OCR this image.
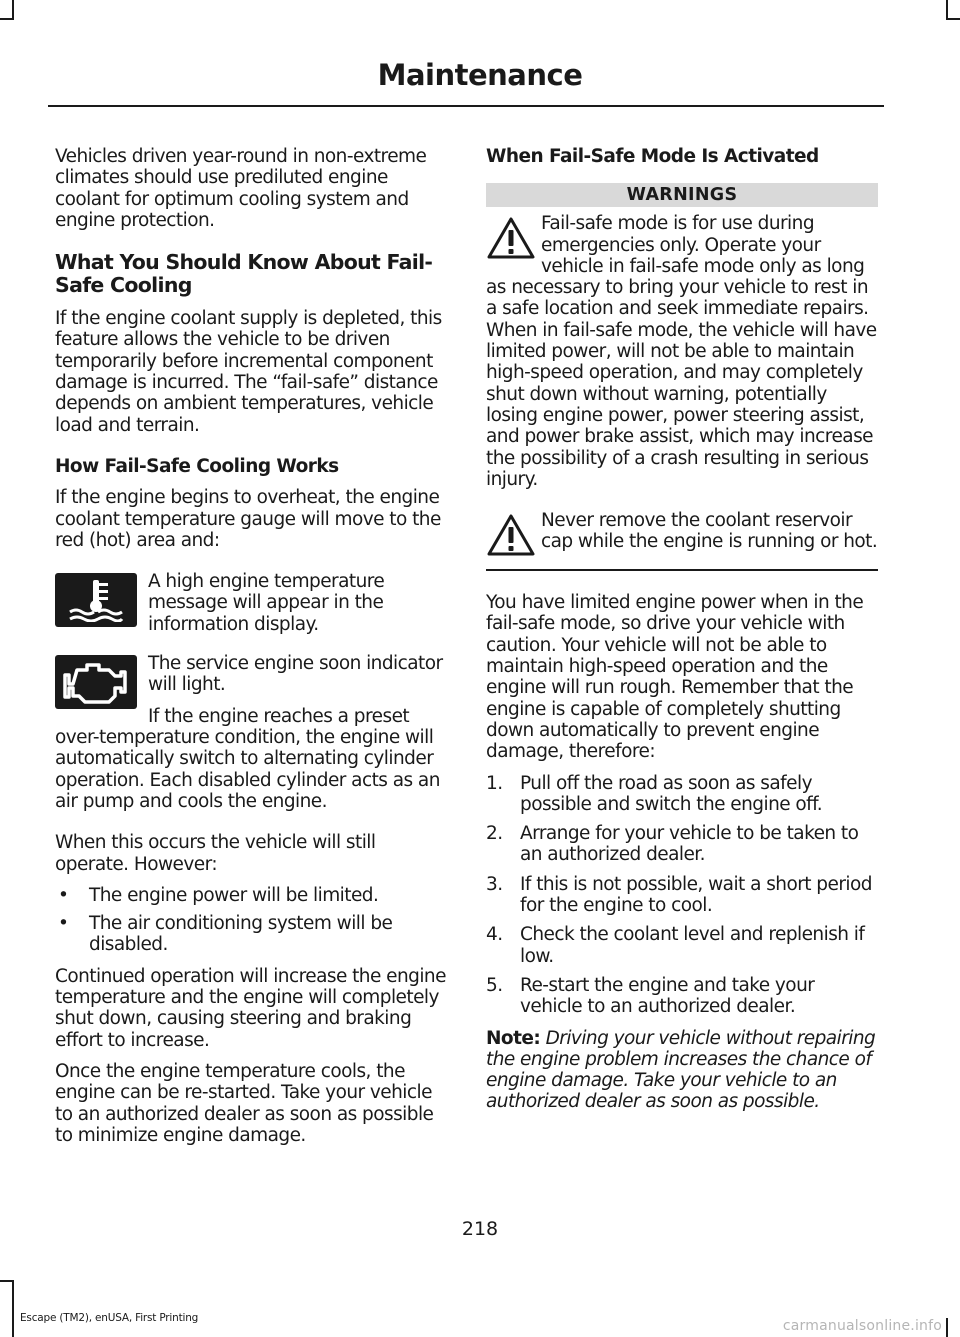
Maintenance

Vehicles driven year-round in non-extreme climates should use prediluted engine coolant for optimum cooling system and engine protection.

What You Should Know About Fail-Safe Cooling

If the engine coolant supply is depleted, this feature allows the vehicle to be driven temporarily before incremental component damage is incurred. The “fail-safe” distance depends on ambient temperatures, vehicle load and terrain.

How Fail-Safe Cooling Works

If the engine begins to overheat, the engine coolant temperature gauge will move to the red (hot) area and:

A high engine temperature message will appear in the information display.

The service engine soon indicator will light.

If the engine reaches a preset over-temperature condition, the engine will automatically switch to alternating cylinder operation. Each disabled cylinder acts as an air pump and cools the engine.

When this occurs the vehicle will still operate. However:

• The engine power will be limited.
• The air conditioning system will be disabled.

Continued operation will increase the engine temperature and the engine will completely shut down, causing steering and braking effort to increase.

Once the engine temperature cools, the engine can be re-started. Take your vehicle to an authorized dealer as soon as possible to minimize engine damage.

When Fail-Safe Mode Is Activated
WARNINGS

Fail-safe mode is for use during emergencies only. Operate your vehicle in fail-safe mode only as long as necessary to bring your vehicle to rest in a safe location and seek immediate repairs. When in fail-safe mode, the vehicle will have limited power, will not be able to maintain high-speed operation, and may completely shut down without warning, potentially losing engine power, power steering assist, and power brake assist, which may increase the possibility of a crash resulting in serious injury.

Never remove the coolant reservoir cap while the engine is running or hot.

You have limited engine power when in the fail-safe mode, so drive your vehicle with caution. Your vehicle will not be able to maintain high-speed operation and the engine will run rough. Remember that the engine is capable of completely shutting down automatically to prevent engine damage, therefore:

1. Pull off the road as soon as safely possible and switch the engine off.
2. Arrange for your vehicle to be taken to an authorized dealer.
3. If this is not possible, wait a short period for the engine to cool.
4. Check the coolant level and replenish if low.
5. Re-start the engine and take your vehicle to an authorized dealer.

Note: Driving your vehicle without repairing the engine problem increases the chance of engine damage. Take your vehicle to an authorized dealer as soon as possible.

218
Escape (TM2), enUSA, First Printing	carmanualsonline.info
